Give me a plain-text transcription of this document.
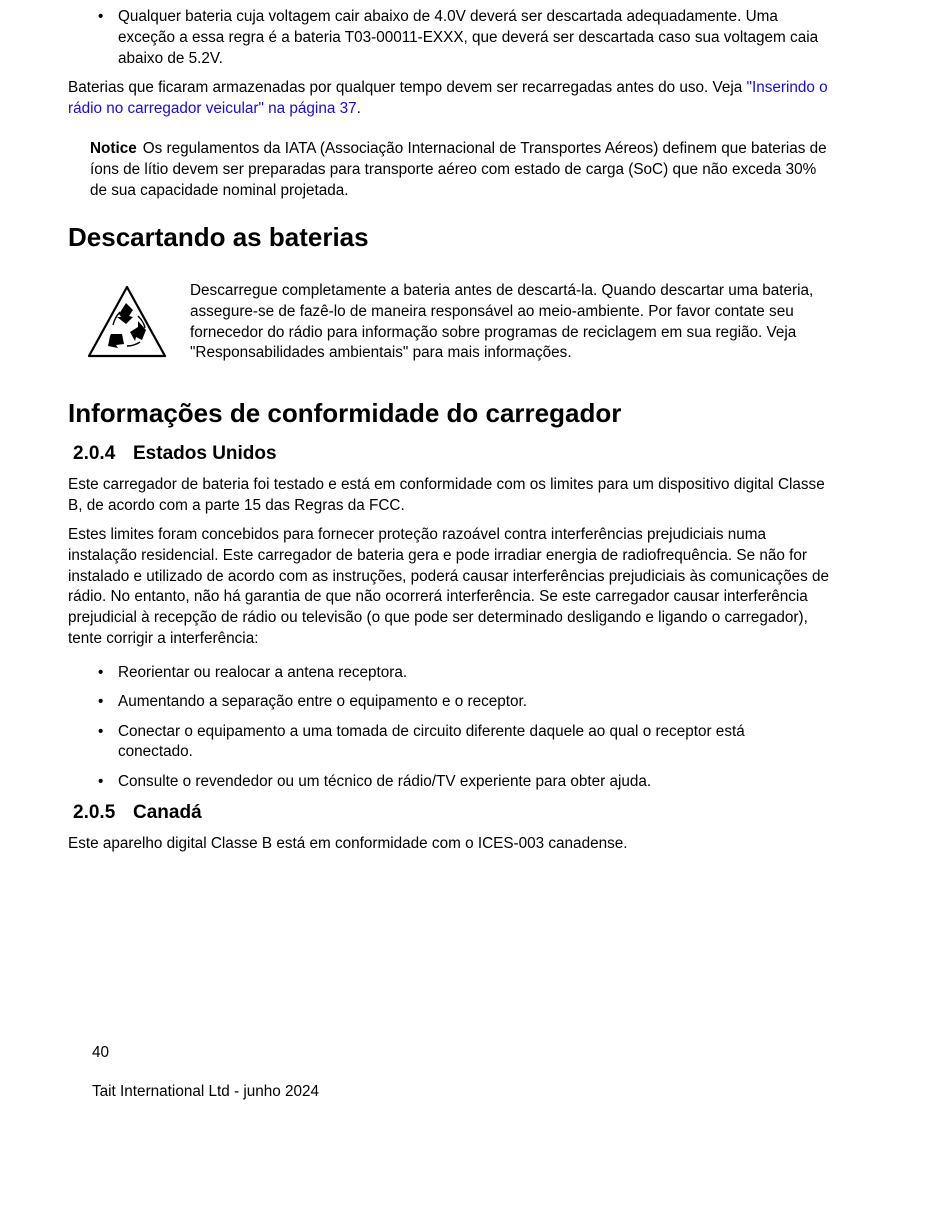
• Qualquer bateria cuja voltagem cair abaixo de 4.0V deverá ser descartada adequadamente. Uma exceção a essa regra é a bateria T03-00011-EXXX, que deverá ser descartada caso sua voltagem caia abaixo de 5.2V.

Baterias que ficaram armazenadas por qualquer tempo devem ser recarregadas antes do uso. Veja "Inserindo o rádio no carregador veicular" na página 37.

Notice Os regulamentos da IATA (Associação Internacional de Transportes Aéreos) definem que baterias de íons de lítio devem ser preparadas para transporte aéreo com estado de carga (SoC) que não exceda 30% de sua capacidade nominal projetada.

Descartando as baterias

Descarregue completamente a bateria antes de descartá-la. Quando descartar uma bateria, assegure-se de fazê-lo de maneira responsável ao meio-ambiente. Por favor contate seu fornecedor do rádio para informação sobre programas de reciclagem em sua região. Veja "Responsabilidades ambientais" para mais informações.

Informações de conformidade do carregador
2.0.4 Estados Unidos

Este carregador de bateria foi testado e está em conformidade com os limites para um dispositivo digital Classe B, de acordo com a parte 15 das Regras da FCC.

Estes limites foram concebidos para fornecer proteção razoável contra interferências prejudiciais numa instalação residencial. Este carregador de bateria gera e pode irradiar energia de radiofrequência. Se não for instalado e utilizado de acordo com as instruções, poderá causar interferências prejudiciais às comunicações de rádio. No entanto, não há garantia de que não ocorrerá interferência. Se este carregador causar interferência prejudicial à recepção de rádio ou televisão (o que pode ser determinado desligando e ligando o carregador), tente corrigir a interferência:

• Reorientar ou realocar a antena receptora.
• Aumentando a separação entre o equipamento e o receptor.
• Conectar o equipamento a uma tomada de circuito diferente daquele ao qual o receptor está conectado.
• Consulte o revendedor ou um técnico de rádio/TV experiente para obter ajuda.
2.0.5 Canadá

Este aparelho digital Classe B está em conformidade com o ICES-003 canadense.

40

Tait International Ltd - junho 2024
